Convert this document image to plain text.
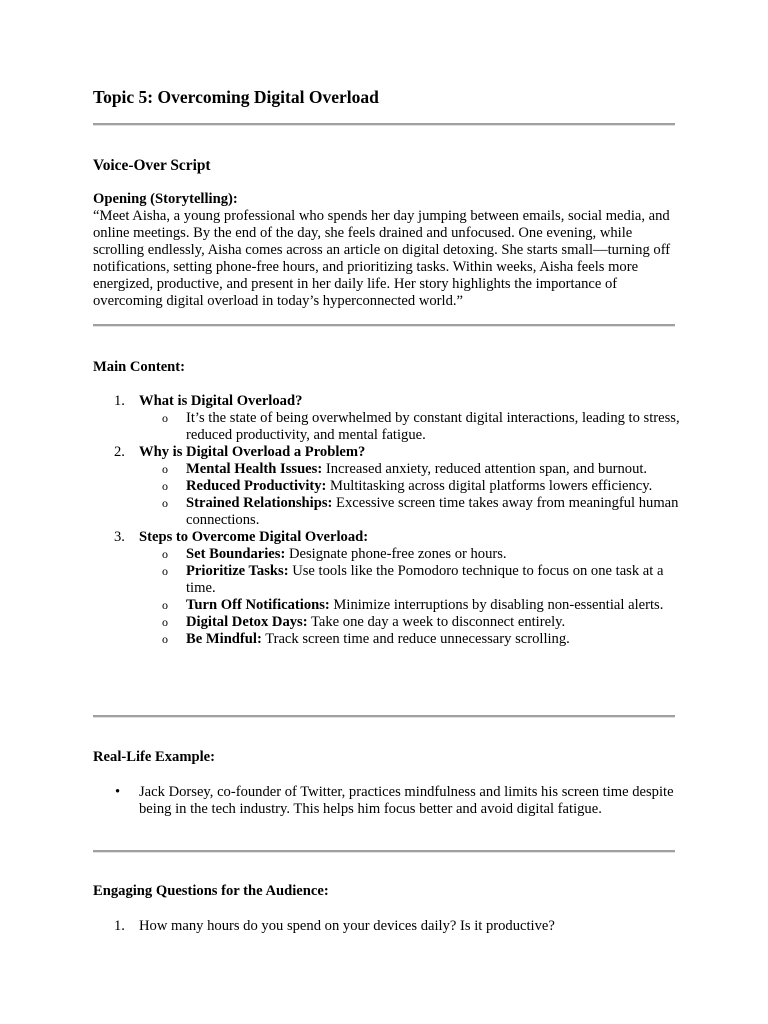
Topic 5: Overcoming Digital Overload

Voice-Over Script

Opening (Storytelling):

“Meet Aisha, a young professional who spends her day jumping between emails, social media, and online meetings. By the end of the day, she feels drained and unfocused. One evening, while scrolling endlessly, Aisha comes across an article on digital detoxing. She starts small—turning off notifications, setting phone-free hours, and prioritizing tasks. Within weeks, Aisha feels more energized, productive, and present in her daily life. Her story highlights the importance of overcoming digital overload in today’s hyperconnected world.”

Main Content:

1. What is Digital Overload?
o It’s the state of being overwhelmed by constant digital interactions, leading to stress, reduced productivity, and mental fatigue.
2. Why is Digital Overload a Problem?
o Mental Health Issues: Increased anxiety, reduced attention span, and burnout.
o Reduced Productivity: Multitasking across digital platforms lowers efficiency.
o Strained Relationships: Excessive screen time takes away from meaningful human connections.
3. Steps to Overcome Digital Overload:
o Set Boundaries: Designate phone-free zones or hours.
o Prioritize Tasks: Use tools like the Pomodoro technique to focus on one task at a time.
o Turn Off Notifications: Minimize interruptions by disabling non-essential alerts.
o Digital Detox Days: Take one day a week to disconnect entirely.
o Be Mindful: Track screen time and reduce unnecessary scrolling.

Real-Life Example:

• Jack Dorsey, co-founder of Twitter, practices mindfulness and limits his screen time despite being in the tech industry. This helps him focus better and avoid digital fatigue.

Engaging Questions for the Audience:

1. How many hours do you spend on your devices daily? Is it productive?
